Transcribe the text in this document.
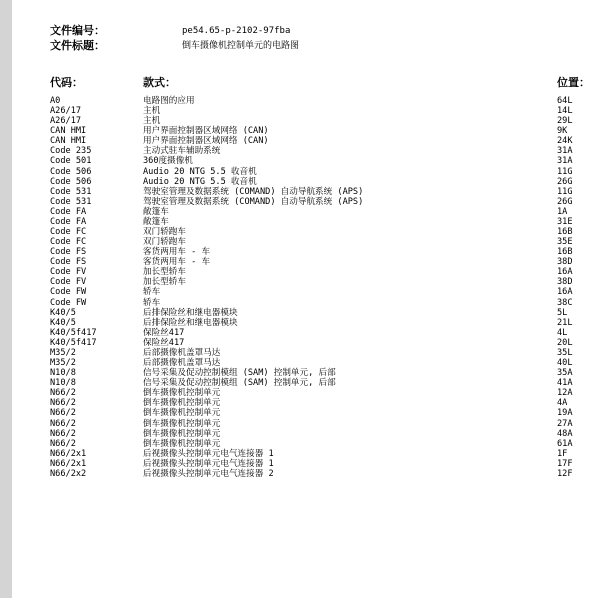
文件编号：	pe54.65-p-2102-97fba
文件标题：	倒车摄像机控制单元的电路图
代码：	款式：	位置：
A0	电路图的应用	64L
A26/17	主机	14L
A26/17	主机	29L
CAN HMI	用户界面控制器区域网络 (CAN)	9K
CAN HMI	用户界面控制器区域网络 (CAN)	24K
Code 235	主动式驻车辅助系统	31A
Code 501	360度摄像机	31A
Code 506	Audio 20 NTG 5.5 收音机	11G
Code 506	Audio 20 NTG 5.5 收音机	26G
Code 531	驾驶室管理及数据系统 (COMAND) 自动导航系统 (APS)	11G
Code 531	驾驶室管理及数据系统 (COMAND) 自动导航系统 (APS)	26G
Code FA	敞篷车	1A
Code FA	敞篷车	31E
Code FC	双门轿跑车	16B
Code FC	双门轿跑车	35E
Code FS	客货两用车 - 车	16B
Code FS	客货两用车 - 车	38D
Code FV	加长型轿车	16A
Code FV	加长型轿车	38D
Code FW	轿车	16A
Code FW	轿车	38C
K40/5	后排保险丝和继电器模块	5L
K40/5	后排保险丝和继电器模块	21L
K40/5f417	保险丝417	4L
K40/5f417	保险丝417	20L
M35/2	后部摄像机盖罩马达	35L
M35/2	后部摄像机盖罩马达	40L
N10/8	信号采集及促动控制模组 (SAM) 控制单元, 后部	35A
N10/8	信号采集及促动控制模组 (SAM) 控制单元, 后部	41A
N66/2	倒车摄像机控制单元	12A
N66/2	倒车摄像机控制单元	4A
N66/2	倒车摄像机控制单元	19A
N66/2	倒车摄像机控制单元	27A
N66/2	倒车摄像机控制单元	48A
N66/2	倒车摄像机控制单元	61A
N66/2x1	后视摄像头控制单元电气连接器 1	1F
N66/2x1	后视摄像头控制单元电气连接器 1	17F
N66/2x2	后视摄像头控制单元电气连接器 2	12F
